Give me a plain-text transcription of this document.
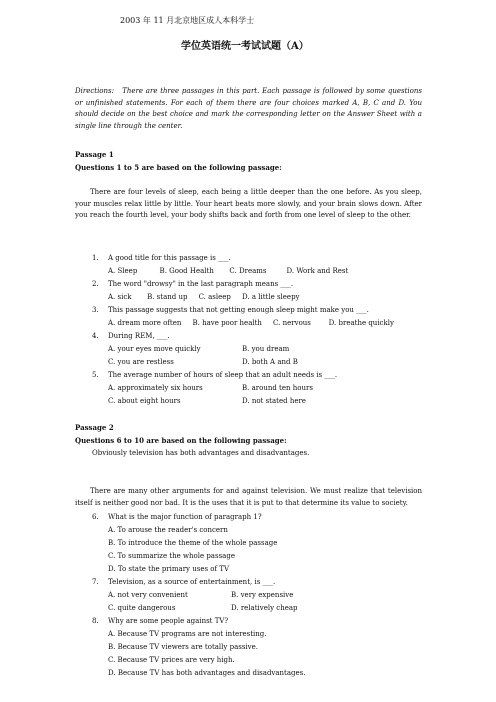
2003 年 11 月北京地区成人本科学士
学位英语统一考试试题（A）
Directions: There are three passages in this part. Each passage is followed by some questions or unfinished statements. For each of them there are four choices marked A, B, C and D. You should decide on the best choice and mark the corresponding letter on the Answer Sheet with a single line through the center.
Passage 1
Questions 1 to 5 are based on the following passage:
There are four levels of sleep, each being a little deeper than the one before. As you sleep, your muscles relax little by little. Your heart beats more slowly, and your brain slows down. After you reach the fourth level, your body shifts back and forth from one level of sleep to the other.
1. A good title for this passage is ___.
A. Sleep          B. Good Health       C. Dreams         D. Work and Rest
2. The word "drowsy" in the last paragraph means ___.
A. sick       B. stand up     C. asleep     D. a little sleepy
3. This passage suggests that not getting enough sleep might make you ___.
A. dream more often     B. have poor health     C. nervous        D. breathe quickly
4. During REM, ___.
A. your eyes move quickly	B. you dream
C. you are restless	D. both A and B
5. The average number of hours of sleep that an adult needs is ___.
A. approximately six hours	B. around ten hours
C. about eight hours	D. not stated here
Passage 2
Questions 6 to 10 are based on the following passage:
Obviously television has both advantages and disadvantages.
There are many other arguments for and against television. We must realize that television itself is neither good nor bad. It is the uses that it is put to that determine its value to society.
6. What is the major function of paragraph 1?
A. To arouse the reader's concern
B. To introduce the theme of the whole passage
C. To summarize the whole passage
D. To state the primary uses of TV
7. Television, as a source of entertainment, is ___.
A. not very convenient	B. very expensive
C. quite dangerous	D. relatively cheap
8. Why are some people against TV?
A. Because TV programs are not interesting.
B. Because TV viewers are totally passive.
C. Because TV prices are very high.
D. Because TV has both advantages and disadvantages.
